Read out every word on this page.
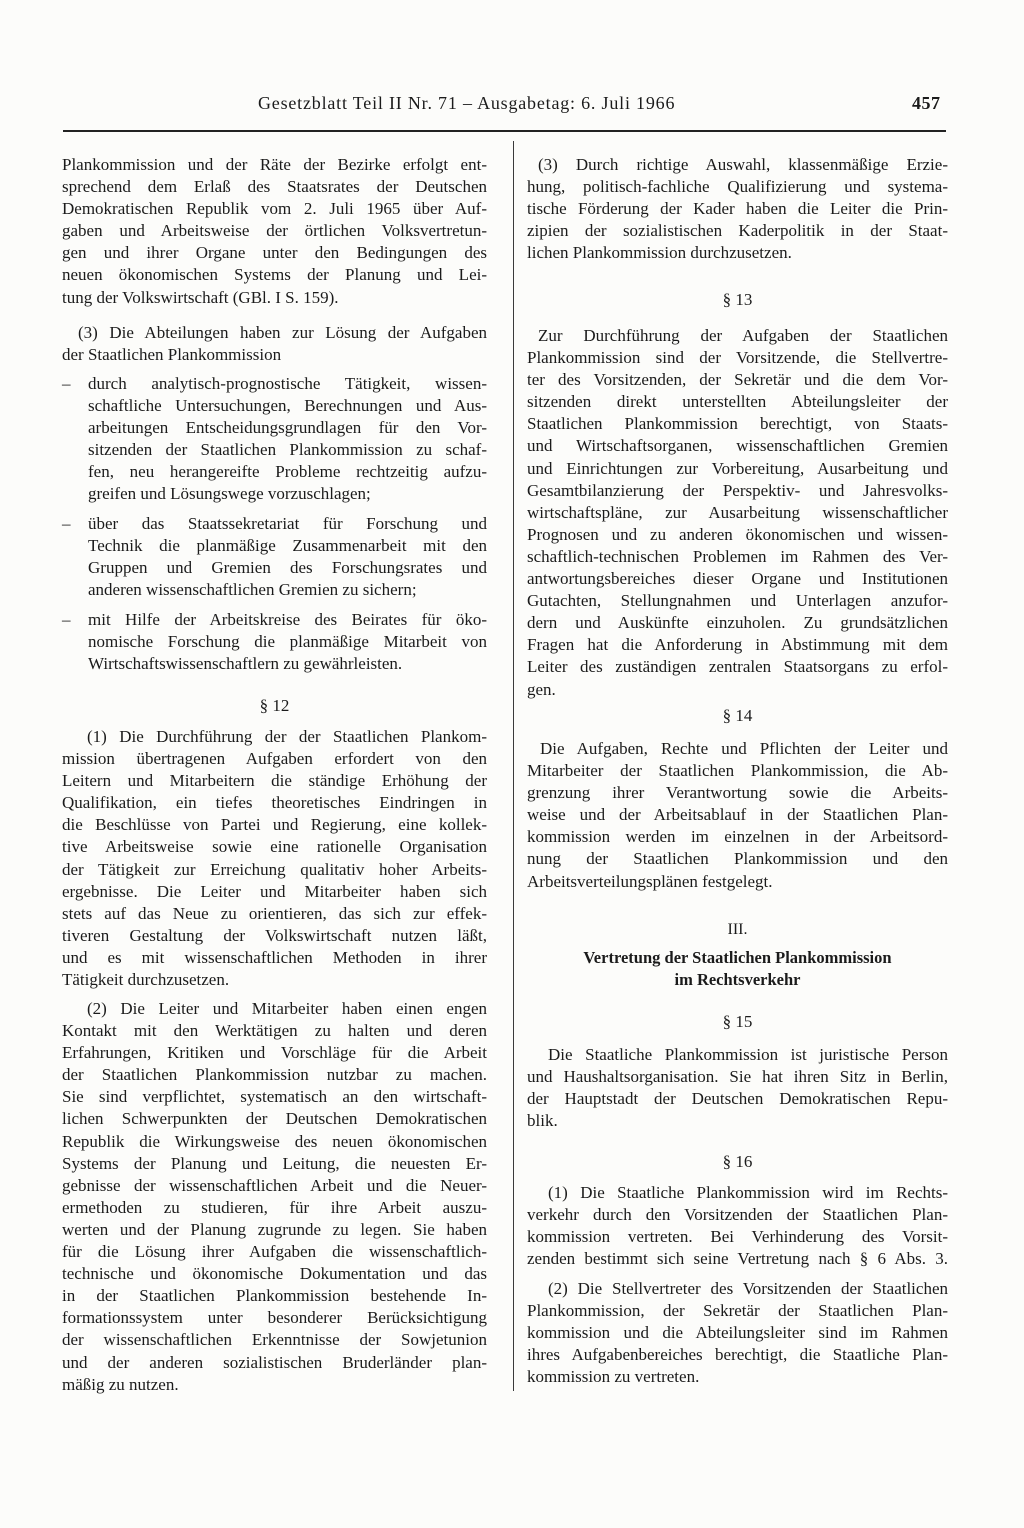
Gesetzblatt Teil II Nr. 71 – Ausgabetag: 6. Juli 1966	457
Plankommission und der Räte der Bezirke erfolgt ent-
sprechend dem Erlaß des Staatsrates der Deutschen
Demokratischen Republik vom 2. Juli 1965 über Auf-
gaben und Arbeitsweise der örtlichen Volksvertretun-
gen und ihrer Organe unter den Bedingungen des
neuen ökonomischen Systems der Planung und Lei-
tung der Volkswirtschaft (GBl. I S. 159).
(3) Die Abteilungen haben zur Lösung der Aufgaben
der Staatlichen Plankommission
– durch analytisch-prognostische Tätigkeit, wissen-
schaftliche Untersuchungen, Berechnungen und Aus-
arbeitungen Entscheidungsgrundlagen für den Vor-
sitzenden der Staatlichen Plankommission zu schaf-
fen, neu herangereifte Probleme rechtzeitig aufzu-
greifen und Lösungswege vorzuschlagen;
– über das Staatssekretariat für Forschung und
Technik die planmäßige Zusammenarbeit mit den
Gruppen und Gremien des Forschungsrates und
anderen wissenschaftlichen Gremien zu sichern;
– mit Hilfe der Arbeitskreise des Beirates für öko-
nomische Forschung die planmäßige Mitarbeit von
Wirtschaftswissenschaftlern zu gewährleisten.
§ 12
(1) Die Durchführung der der Staatlichen Plankom-
mission übertragenen Aufgaben erfordert von den
Leitern und Mitarbeitern die ständige Erhöhung der
Qualifikation, ein tiefes theoretisches Eindringen in
die Beschlüsse von Partei und Regierung, eine kollek-
tive Arbeitsweise sowie eine rationelle Organisation
der Tätigkeit zur Erreichung qualitativ hoher Arbeits-
ergebnisse. Die Leiter und Mitarbeiter haben sich
stets auf das Neue zu orientieren, das sich zur effek-
tiveren Gestaltung der Volkswirtschaft nutzen läßt,
und es mit wissenschaftlichen Methoden in ihrer
Tätigkeit durchzusetzen.
(2) Die Leiter und Mitarbeiter haben einen engen
Kontakt mit den Werktätigen zu halten und deren
Erfahrungen, Kritiken und Vorschläge für die Arbeit
der Staatlichen Plankommission nutzbar zu machen.
Sie sind verpflichtet, systematisch an den wirtschaft-
lichen Schwerpunkten der Deutschen Demokratischen
Republik die Wirkungsweise des neuen ökonomischen
Systems der Planung und Leitung, die neuesten Er-
gebnisse der wissenschaftlichen Arbeit und die Neuer-
ermethoden zu studieren, für ihre Arbeit auszu-
werten und der Planung zugrunde zu legen. Sie haben
für die Lösung ihrer Aufgaben die wissenschaftlich-
technische und ökonomische Dokumentation und das
in der Staatlichen Plankommission bestehende In-
formationssystem unter besonderer Berücksichtigung
der wissenschaftlichen Erkenntnisse der Sowjetunion
und der anderen sozialistischen Bruderländer plan-
mäßig zu nutzen.
(3) Durch richtige Auswahl, klassenmäßige Erzie-
hung, politisch-fachliche Qualifizierung und systema-
tische Förderung der Kader haben die Leiter die Prin-
zipien der sozialistischen Kaderpolitik in der Staat-
lichen Plankommission durchzusetzen.
§ 13
Zur Durchführung der Aufgaben der Staatlichen
Plankommission sind der Vorsitzende, die Stellvertre-
ter des Vorsitzenden, der Sekretär und die dem Vor-
sitzenden direkt unterstellten Abteilungsleiter der
Staatlichen Plankommission berechtigt, von Staats-
und Wirtschaftsorganen, wissenschaftlichen Gremien
und Einrichtungen zur Vorbereitung, Ausarbeitung und
Gesamtbilanzierung der Perspektiv- und Jahresvolks-
wirtschaftspläne, zur Ausarbeitung wissenschaftlicher
Prognosen und zu anderen ökonomischen und wissen-
schaftlich-technischen Problemen im Rahmen des Ver-
antwortungsbereiches dieser Organe und Institutionen
Gutachten, Stellungnahmen und Unterlagen anzufor-
dern und Auskünfte einzuholen. Zu grundsätzlichen
Fragen hat die Anforderung in Abstimmung mit dem
Leiter des zuständigen zentralen Staatsorgans zu erfol-
gen.
§ 14
Die Aufgaben, Rechte und Pflichten der Leiter und
Mitarbeiter der Staatlichen Plankommission, die Ab-
grenzung ihrer Verantwortung sowie die Arbeits-
weise und der Arbeitsablauf in der Staatlichen Plan-
kommission werden im einzelnen in der Arbeitsord-
nung der Staatlichen Plankommission und den
Arbeitsverteilungsplänen festgelegt.
III.
Vertretung der Staatlichen Plankommission
im Rechtsverkehr
§ 15
Die Staatliche Plankommission ist juristische Person
und Haushaltsorganisation. Sie hat ihren Sitz in Berlin,
der Hauptstadt der Deutschen Demokratischen Repu-
blik.
§ 16
(1) Die Staatliche Plankommission wird im Rechts-
verkehr durch den Vorsitzenden der Staatlichen Plan-
kommission vertreten. Bei Verhinderung des Vorsit-
zenden bestimmt sich seine Vertretung nach § 6 Abs. 3.
(2) Die Stellvertreter des Vorsitzenden der Staatlichen
Plankommission, der Sekretär der Staatlichen Plan-
kommission und die Abteilungsleiter sind im Rahmen
ihres Aufgabenbereiches berechtigt, die Staatliche Plan-
kommission zu vertreten.
